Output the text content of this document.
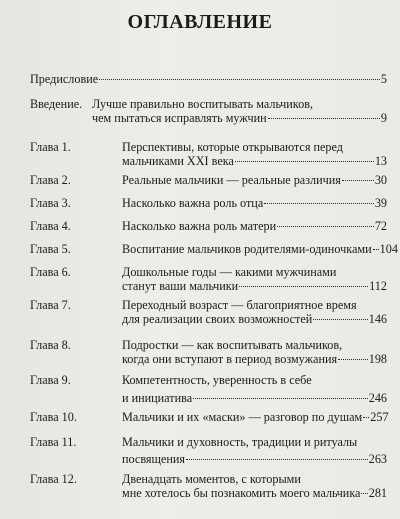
ОГЛАВЛЕНИЕ
Предисловие	5
Введение. Лучше правильно воспитывать мальчиков,
чем пытаться исправлять мужчин	9
Глава 1.	Перспективы, которые открываются перед
мальчиками XXI века	13
Глава 2.	Реальные мальчики — реальные различия	30
Глава 3.	Насколько важна роль отца	39
Глава 4.	Насколько важна роль матери	72
Глава 5.	Воспитание мальчиков родителями-одиночками 104
Глава 6.	Дошкольные годы — какими мужчинами
станут ваши мальчики	112
Глава 7.	Переходный возраст — благоприятное время
для реализации своих возможностей	146
Глава 8.	Подростки — как воспитывать мальчиков,
когда они вступают в период возмужания	198
Глава 9.	Компетентность, уверенность в себе
и инициатива	246
Глава 10.	Мальчики и их «маски» — разговор по душам 257
Глава 11.	Мальчики и духовность, традиции и ритуалы
посвящения	263
Глава 12.	Двенадцать моментов, с которыми
мне хотелось бы познакомить моего мальчика 281
